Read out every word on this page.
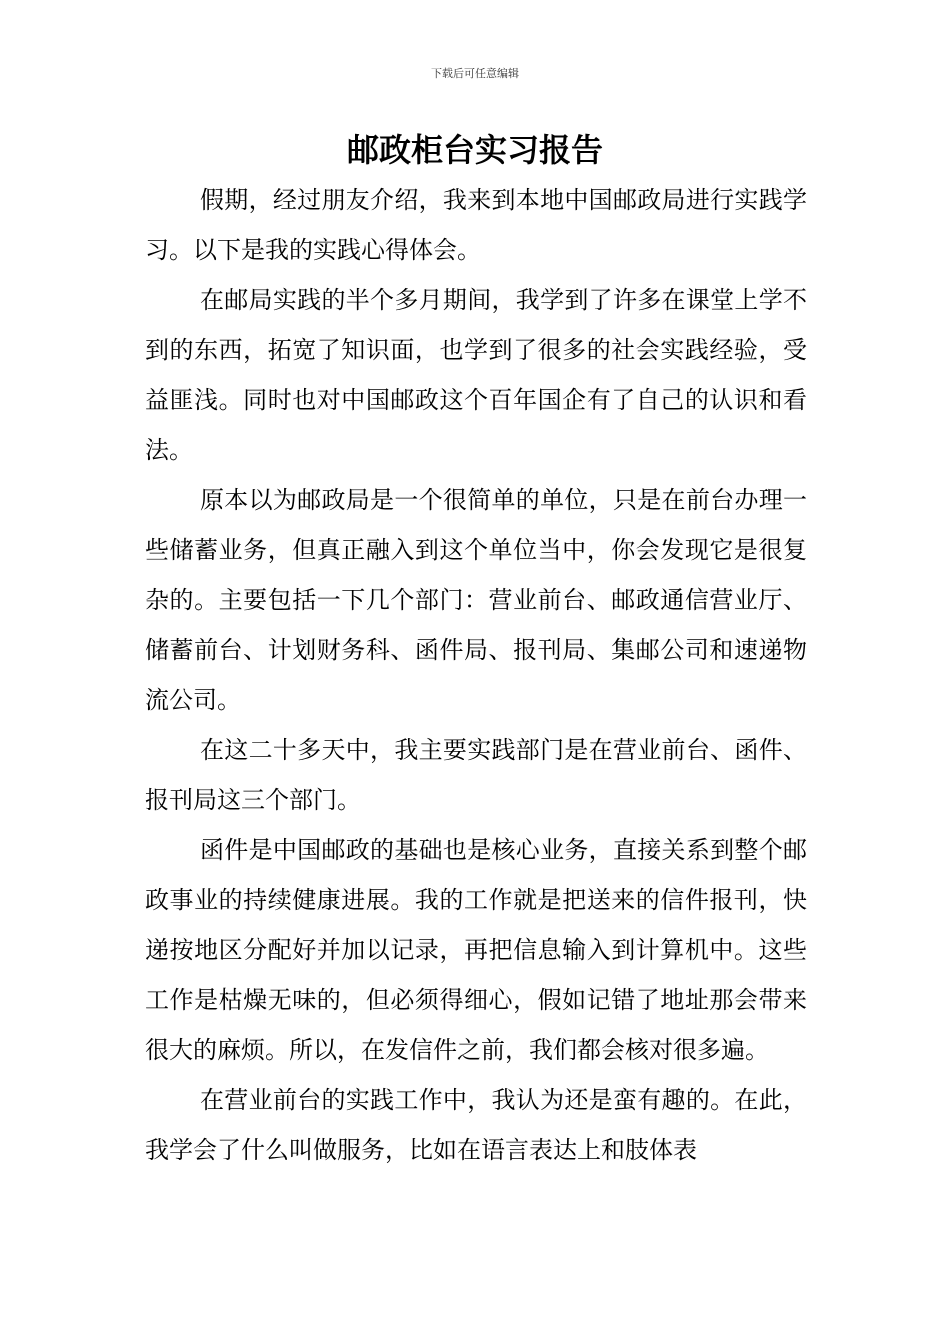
下载后可任意编辑
邮政柜台实习报告

假期，经过朋友介绍，我来到本地中国邮政局进行实践学习。以下是我的实践心得体会。

在邮局实践的半个多月期间，我学到了许多在课堂上学不到的东西，拓宽了知识面，也学到了很多的社会实践经验，受益匪浅。同时也对中国邮政这个百年国企有了自己的认识和看法。

原本以为邮政局是一个很简单的单位，只是在前台办理一些储蓄业务，但真正融入到这个单位当中，你会发现它是很复杂的。主要包括一下几个部门：营业前台、邮政通信营业厅、储蓄前台、计划财务科、函件局、报刊局、集邮公司和速递物流公司。

在这二十多天中，我主要实践部门是在营业前台、函件、报刊局这三个部门。

函件是中国邮政的基础也是核心业务，直接关系到整个邮政事业的持续健康进展。我的工作就是把送来的信件报刊，快递按地区分配好并加以记录，再把信息输入到计算机中。这些工作是枯燥无味的，但必须得细心，假如记错了地址那会带来很大的麻烦。所以，在发信件之前，我们都会核对很多遍。

在营业前台的实践工作中，我认为还是蛮有趣的。在此，我学会了什么叫做服务，比如在语言表达上和肢体表
